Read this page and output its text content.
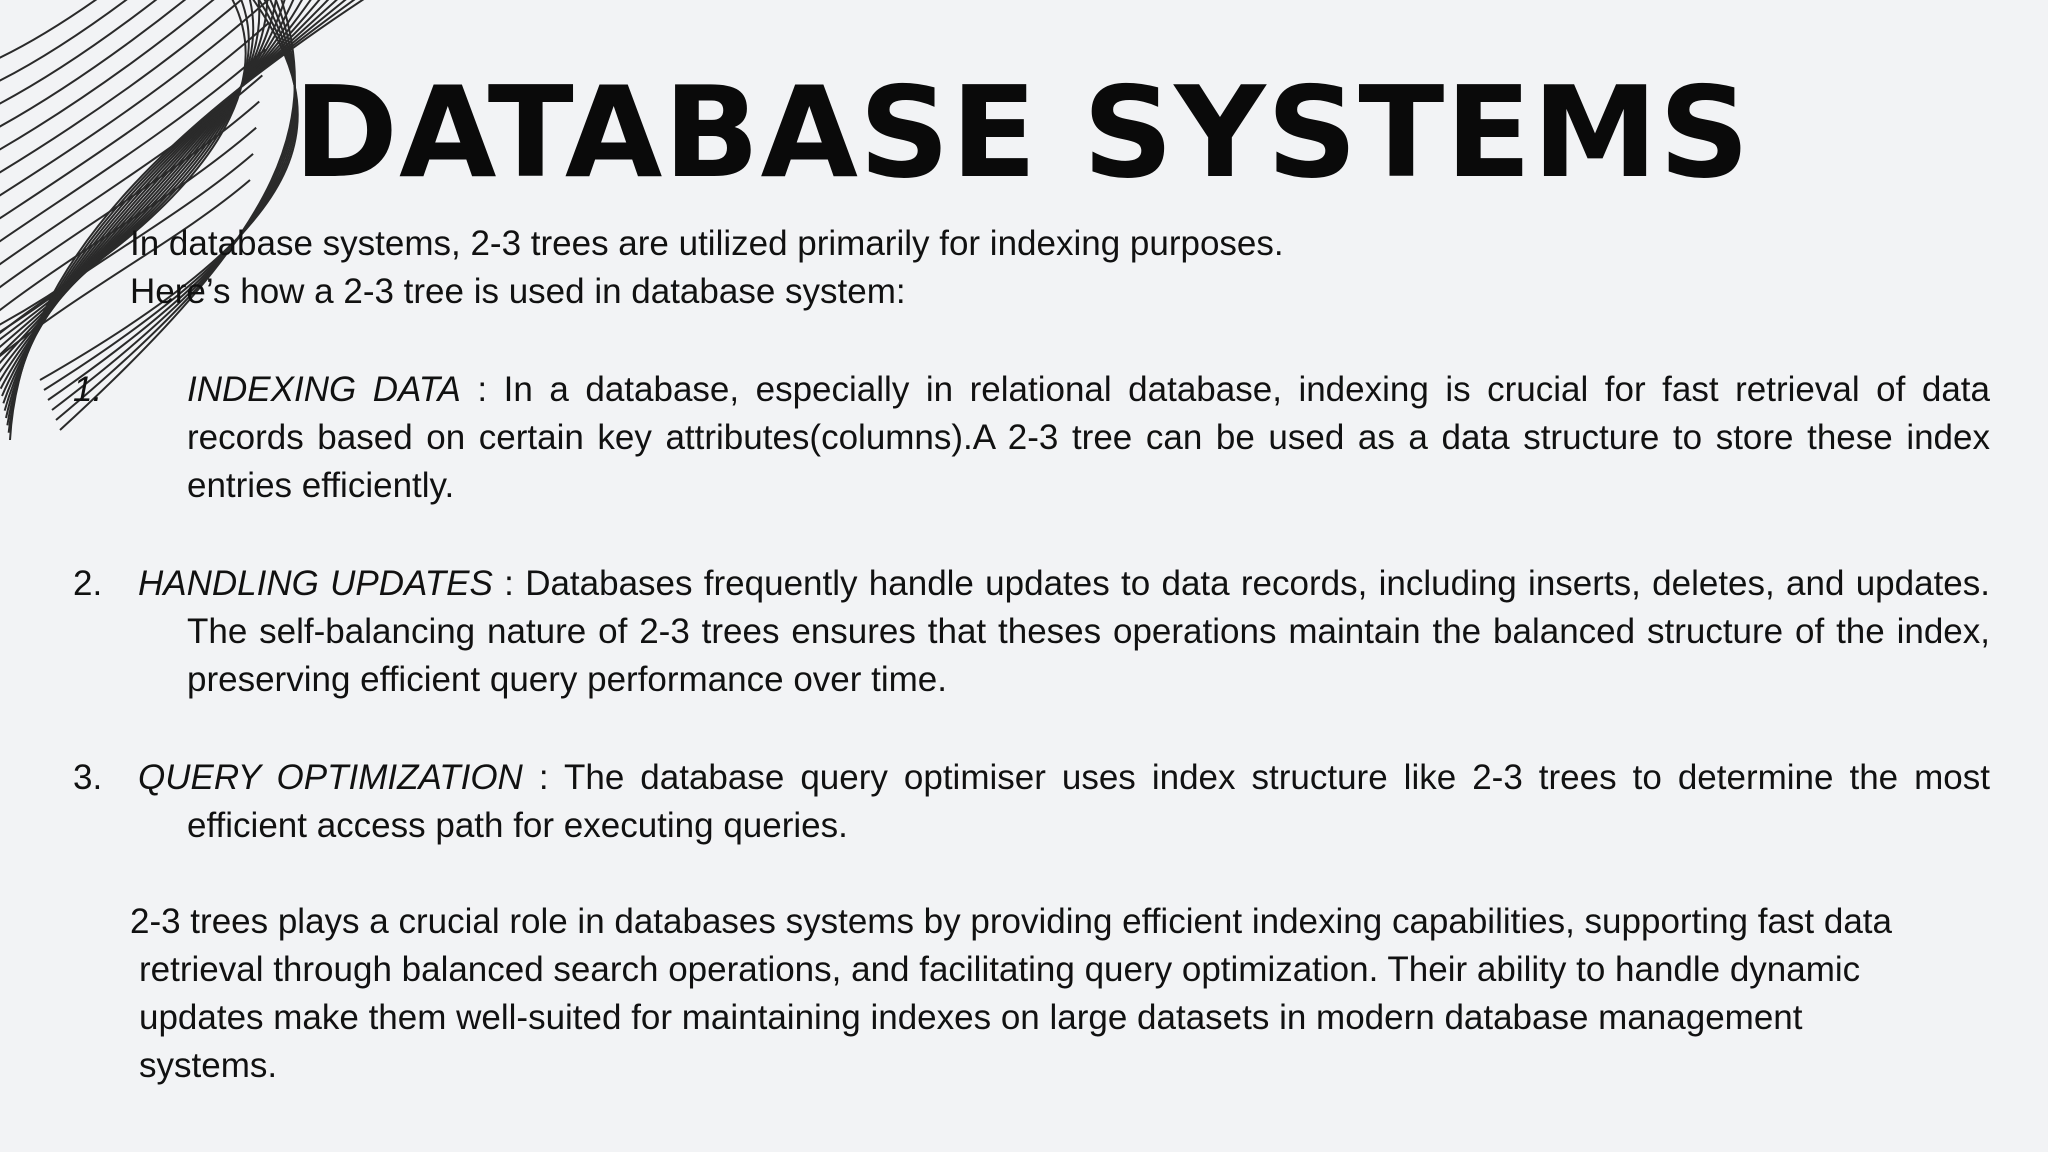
DATABASE SYSTEMS

In database systems, 2-3 trees are utilized primarily for indexing purposes.

Here’s how a 2-3 tree is used in database system:

1. INDEXING DATA : In a database, especially in relational database, indexing is crucial for fast retrieval of data records based on certain key attributes(columns).A 2-3 tree can be used as a data structure to store these index entries efficiently.

2. HANDLING UPDATES : Databases frequently handle updates to data records, including inserts, deletes, and updates. The self-balancing nature of 2-3 trees ensures that theses operations maintain the balanced structure of the index, preserving efficient query performance over time.

3. QUERY OPTIMIZATION : The database query optimiser uses index structure like 2-3 trees to determine the most efficient access path for executing queries.

2-3 trees plays a crucial role in databases systems by providing efficient indexing capabilities, supporting fast data retrieval through balanced search operations, and facilitating query optimization. Their ability to handle dynamic updates make them well-suited for maintaining indexes on large datasets in modern database management systems.
